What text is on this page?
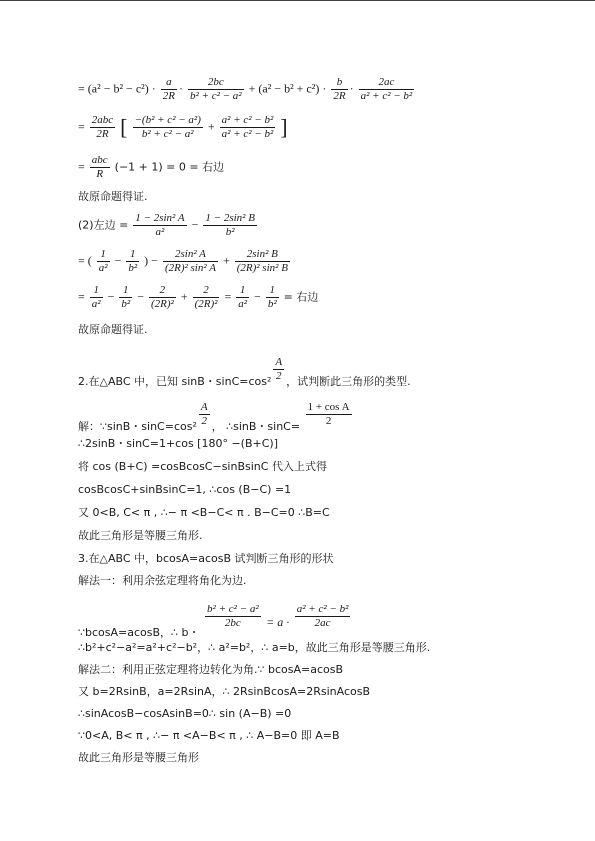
= $(a^2 - b^2 - c^2) \cdot \frac{a}{2R} \cdot \frac{2bc}{\text{b² + c² − a²}} + (a^2 - b^2 + c^2) \cdot \frac{b}{2R} \cdot \frac{2ac}{\text{a² + c² − b²}}$
= 2abc
2R [ $\frac{\text{−(b² + c² − a²)}}{\text{b² + c² − a²}} + \frac{\text{a² + c² − b²}}{\text{a² + c² − b²}}$ ]
= abc
R
(−1 + 1) = 0 = 右边
故原命题得证.
(2)左边 = $\frac{\text{1 − 2sin² A}}{\text{a²}} - \frac{\text{1 − 2sin² B}}{\text{b²}}$
= ( $\frac{1}{\text{a²}} - \frac{1}{\text{b²}}$ ) − $\frac{\text{2sin² A}}{\text{(2R)² sin² A}} + \frac{\text{2sin² B}}{\text{(2R)² sin² B}}$
= $\frac{1}{\text{a²}} - \frac{1}{\text{b²}} - \frac{2}{\text{(2R)²}} + \frac{2}{\text{(2R)²}} = \frac{1}{\text{a²}} - \frac{1}{\text{b²}}$ = 右边
故原命题得证.
2.在△ABC 中，已知 sinB・$\sin C=\cos^2 \frac{A}{2}$ ，试判断此三角形的类型.
解：∵sinB・$\sin C=\cos^2 \frac{A}{2}$ ， ∴sinB・$\sin C= \frac{\text{1 + cos A}}{2}$
∴2sinB・sinC=1+cos [180° −(B+C)]
将 cos (B+C) =cosBcosC−sinBsinC 代入上式得
cosBcosC+sinBsinC=1, ∴cos (B−C) =1
又 0<B, C< π , ∴− π <B−C< π . B−C=0 ∴B=C
故此三角形是等腰三角形.
3.在△ABC 中，bcosA=acosB 试判断三角形的形状
解法一：利用余弦定理将角化为边.
∵bcosA=acosB，∴ b・
$\frac{\text{b² + c² − a²}}{2bc} = a \cdot \frac{\text{a² + c² − b²}}{2ac}$
∴b²+c²−a²=a²+c²−b²，∴ a²=b²，∴ a=b，故此三角形是等腰三角形.
解法二：利用正弦定理将边转化为角.∵ bcosA=acosB
又 b=2RsinB，a=2RsinA，∴ 2RsinBcosA=2RsinAcosB
∴sinAcosB−cosAsinB=0∴ sin (A−B) =0
∵0<A, B< π , ∴− π <A−B< π , ∴ A−B=0 即 A=B
故此三角形是等腰三角形
